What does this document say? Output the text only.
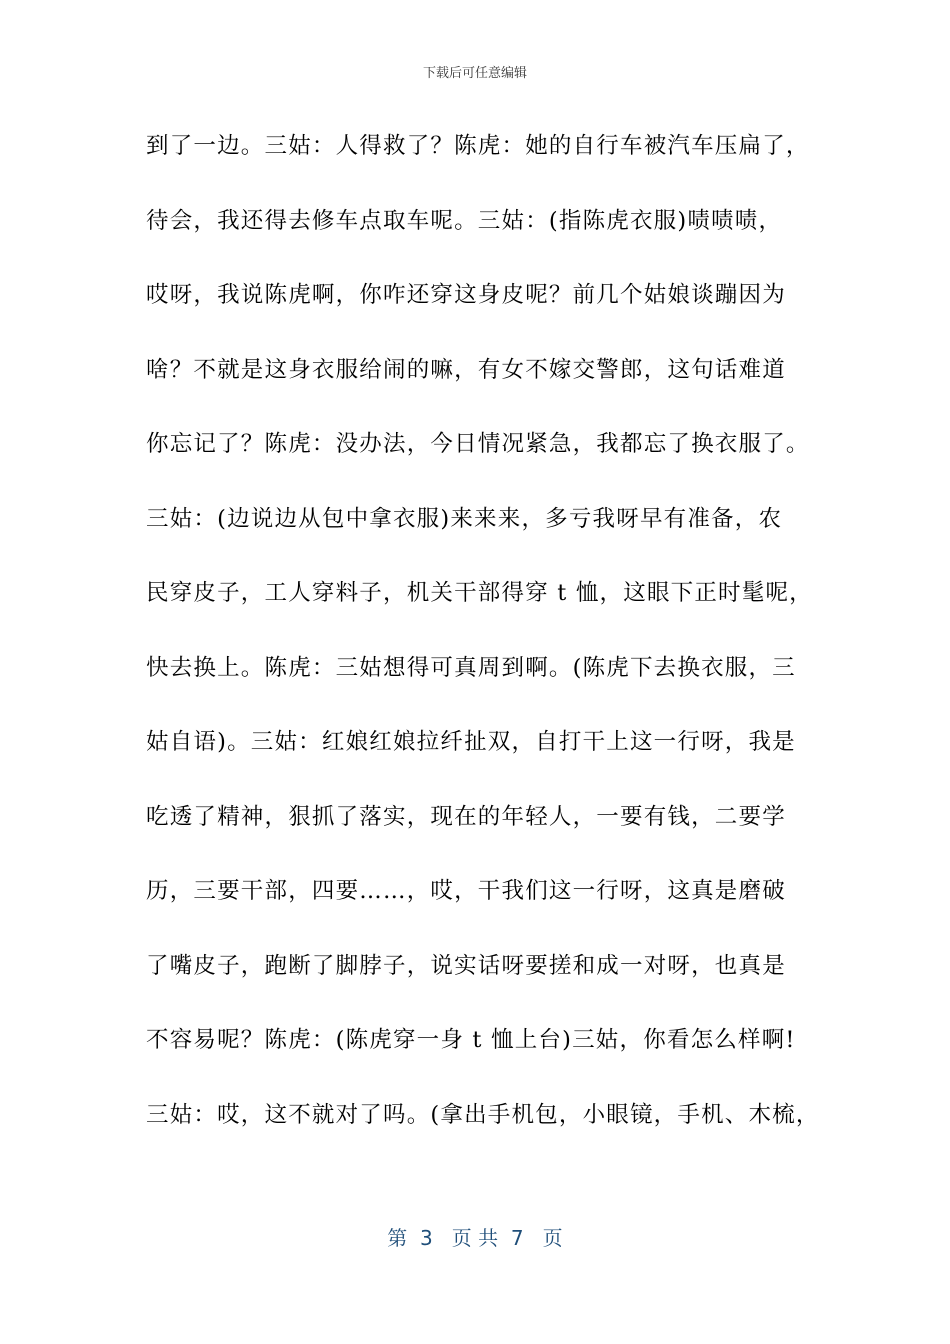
下载后可任意编辑
到了一边。三姑：人得救了？陈虎：她的自行车被汽车压扁了，
待会，我还得去修车点取车呢。三姑：(指陈虎衣服)啧啧啧，
哎呀，我说陈虎啊，你咋还穿这身皮呢？前几个姑娘谈蹦因为
啥？不就是这身衣服给闹的嘛，有女不嫁交警郎，这句话难道
你忘记了？陈虎：没办法，今日情况紧急，我都忘了换衣服了。
三姑：(边说边从包中拿衣服)来来来，多亏我呀早有准备，农
民穿皮子，工人穿料子，机关干部得穿 t 恤，这眼下正时髦呢，
快去换上。陈虎：三姑想得可真周到啊。(陈虎下去换衣服，三
姑自语)。三姑：红娘红娘拉纤扯双，自打干上这一行呀，我是
吃透了精神，狠抓了落实，现在的年轻人，一要有钱，二要学
历，三要干部，四要……，哎，干我们这一行呀，这真是磨破
了嘴皮子，跑断了脚脖子，说实话呀要搓和成一对呀，也真是
不容易呢？陈虎：(陈虎穿一身 t 恤上台)三姑，你看怎么样啊!
三姑：哎，这不就对了吗。(拿出手机包，小眼镜，手机、木梳，
第  3   页 共  7   页
